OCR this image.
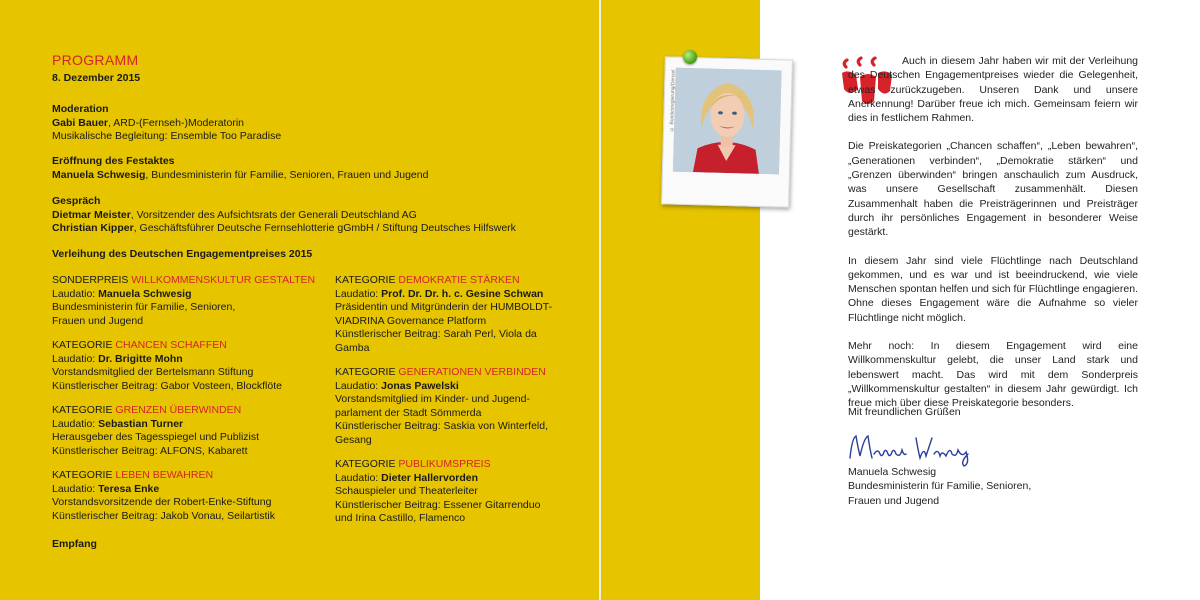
PROGRAMM
8. Dezember 2015
Moderation
Gabi Bauer, ARD-(Fernseh-)Moderatorin
Musikalische Begleitung: Ensemble Too Paradise
Eröffnung des Festaktes
Manuela Schwesig, Bundesministerin für Familie, Senioren, Frauen und Jugend
Gespräch
Dietmar Meister, Vorsitzender des Aufsichtsrats der Generali Deutschland AG
Christian Kipper, Geschäftsführer Deutsche Fernsehlotterie gGmbH / Stiftung Deutsches Hilfswerk
Verleihung des Deutschen Engagementpreises 2015
SONDERPREIS WILLKOMMENSKULTUR GESTALTEN
Laudatio: Manuela Schwesig
Bundesministerin für Familie, Senioren,
Frauen und Jugend
KATEGORIE CHANCEN SCHAFFEN
Laudatio: Dr. Brigitte Mohn
Vorstandsmitglied der Bertelsmann Stiftung
Künstlerischer Beitrag: Gabor Vosteen, Blockflöte
KATEGORIE GRENZEN ÜBERWINDEN
Laudatio: Sebastian Turner
Herausgeber des Tagesspiegel und Publizist
Künstlerischer Beitrag: ALFONS, Kabarett
KATEGORIE LEBEN BEWAHREN
Laudatio: Teresa Enke
Vorstandsvorsitzende der Robert-Enke-Stiftung
Künstlerischer Beitrag: Jakob Vonau, Seilartistik
KATEGORIE DEMOKRATIE STÄRKEN
Laudatio: Prof. Dr. Dr. h. c. Gesine Schwan
Präsidentin und Mitgründerin der HUMBOLDT-
VIADRINA Governance Platform
Künstlerischer Beitrag: Sarah Perl, Viola da
Gamba
KATEGORIE GENERATIONEN VERBINDEN
Laudatio: Jonas Pawelski
Vorstandsmitglied im Kinder- und Jugend-
parlament der Stadt Sömmerda
Künstlerischer Beitrag: Saskia von Winterfeld,
Gesang
KATEGORIE PUBLIKUMSPREIS
Laudatio: Dieter Hallervorden
Schauspieler und Theaterleiter
Künstlerischer Beitrag: Essener Gitarrenduo
und Irina Castillo, Flamenco
Empfang
© Bundesregierung/Denzel

Auch in diesem Jahr haben wir mit der Verleihung des Deutschen Engagementpreises wieder die Gelegenheit, etwas zurückzugeben. Unseren Dank und unsere Anerkennung! Darüber freue ich mich. Gemeinsam feiern wir dies in festlichem Rahmen.

Die Preiskategorien „Chancen schaffen“, „Leben bewahren“, „Generationen verbinden“, „Demokratie stärken“ und „Grenzen überwinden“ bringen anschaulich zum Ausdruck, was unsere Gesellschaft zusammenhält. Diesen Zusammenhalt haben die Preisträgerinnen und Preisträger durch ihr persönliches Engagement in besonderer Weise gestärkt.

In diesem Jahr sind viele Flüchtlinge nach Deutschland gekommen, und es war und ist beeindruckend, wie viele Menschen spontan helfen und sich für Flüchtlinge engagieren. Ohne dieses Engagement wäre die Aufnahme so vieler Flüchtlinge nicht möglich.

Mehr noch: In diesem Engagement wird eine Willkommenskultur gelebt, die unser Land stark und lebenswert macht. Das wird mit dem Sonderpreis „Willkommenskultur gestalten“ in diesem Jahr gewürdigt. Ich freue mich über diese Preiskategorie besonders.

Mit freundlichen Grüßen
Manuela Schwesig
Bundesministerin für Familie, Senioren,
Frauen und Jugend
